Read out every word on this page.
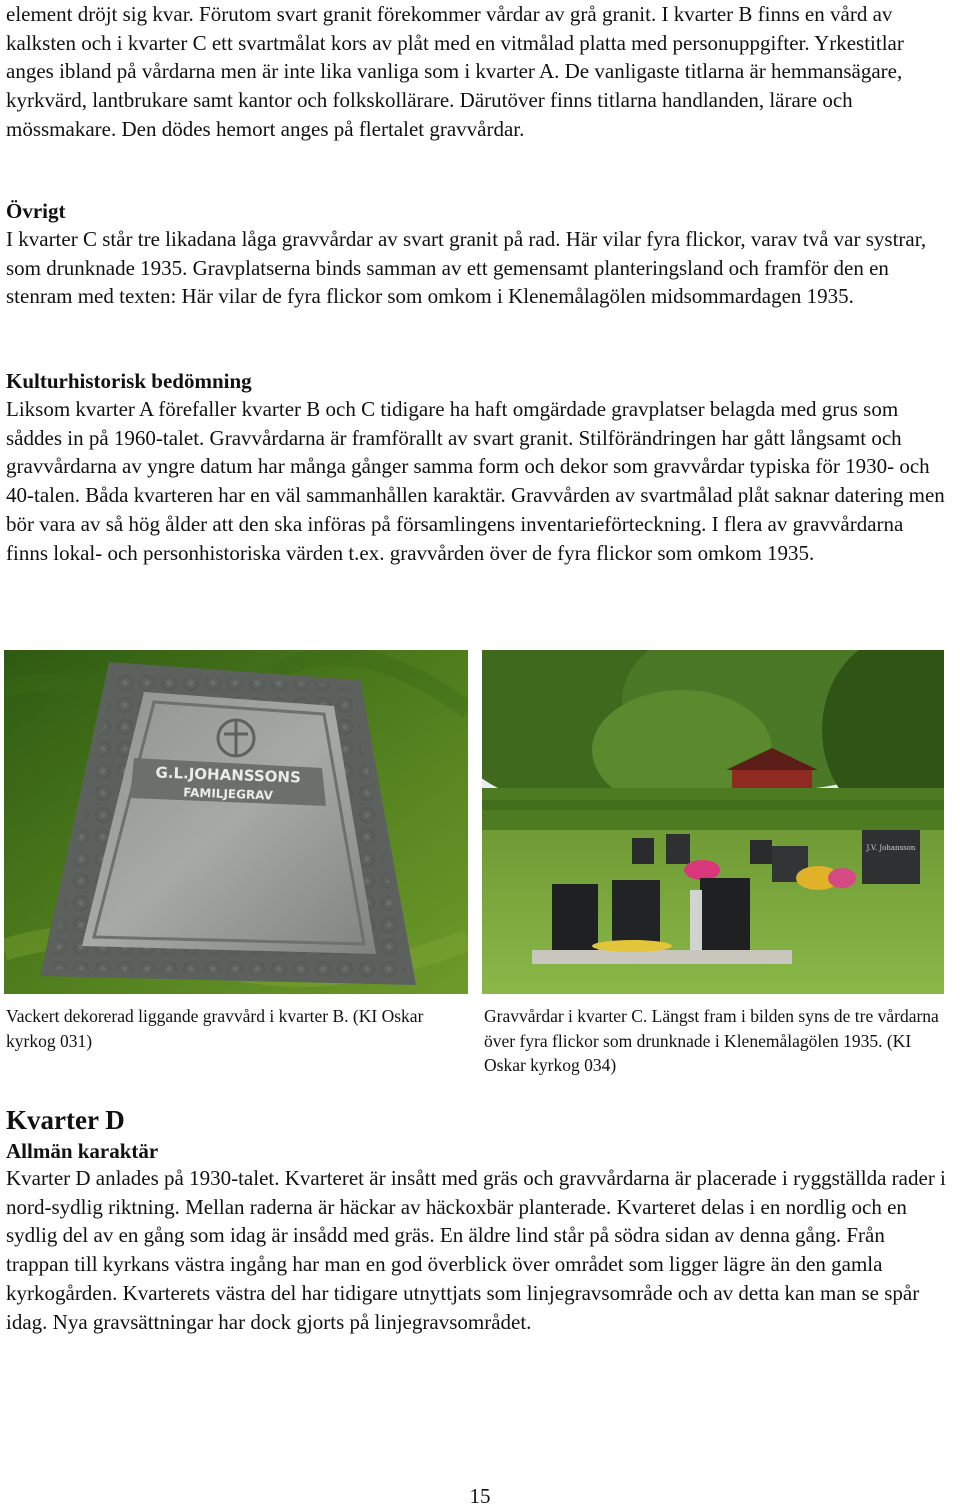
element dröjt sig kvar. Förutom svart granit förekommer vårdar av grå granit. I kvarter B finns en vård av kalksten och i kvarter C ett svartmålat kors av plåt med en vitmålad platta med personuppgifter. Yrkestitlar anges ibland på vårdarna men är inte lika vanliga som i kvarter A. De vanligaste titlarna är hemmansägare, kyrkvärd, lantbrukare samt kantor och folkskollärare. Därutöver finns titlarna handlanden, lärare och mössmakare. Den dödes hemort anges på flertalet gravvårdar.

Övrigt

I kvarter C står tre likadana låga gravvårdar av svart granit på rad. Här vilar fyra flickor, varav två var systrar, som drunknade 1935. Gravplatserna binds samman av ett gemensamt planteringsland och framför den en stenram med texten: Här vilar de fyra flickor som omkom i Klenemålagölen midsommardagen 1935.

Kulturhistorisk bedömning

Liksom kvarter A förefaller kvarter B och C tidigare ha haft omgärdade gravplatser belagda med grus som såddes in på 1960-talet. Gravvårdarna är framförallt av svart granit. Stilförändringen har gått långsamt och gravvårdarna av yngre datum har många gånger samma form och dekor som gravvårdar typiska för 1930- och 40-talen. Båda kvarteren har en väl sammanhållen karaktär. Gravvården av svartmålad plåt saknar datering men bör vara av så hög ålder att den ska införas på församlingens inventarieförteckning. I flera av gravvårdarna finns lokal- och personhistoriska värden t.ex. gravvården över de fyra flickor som omkom 1935.

Kvarter D

Allmän karaktär

Kvarter D anlades på 1930-talet. Kvarteret är insått med gräs och gravvårdarna är placerade i ryggställda rader i nord-sydlig riktning. Mellan raderna är häckar av häckoxbär planterade. Kvarteret delas i en nordlig och en sydlig del av en gång som idag är insådd med gräs. En äldre lind står på södra sidan av denna gång. Från trappan till kyrkans västra ingång har man en god överblick över området som ligger lägre än den gamla kyrkogården. Kvarterets västra del har tidigare utnyttjats som linjegravsområde och av detta kan man se spår idag. Nya gravsättningar har dock gjorts på linjegravsområdet.

G.L.JOHANSSONS
FAMILJEGRAV
J.V. Johansson
Vackert dekorerad liggande gravvård i kvarter B. (KI Oskar kyrkog 031)
Gravvårdar i kvarter C. Längst fram i bilden syns de tre vårdarna över fyra flickor som drunknade i Klenemålagölen 1935. (KI Oskar kyrkog 034)
15
